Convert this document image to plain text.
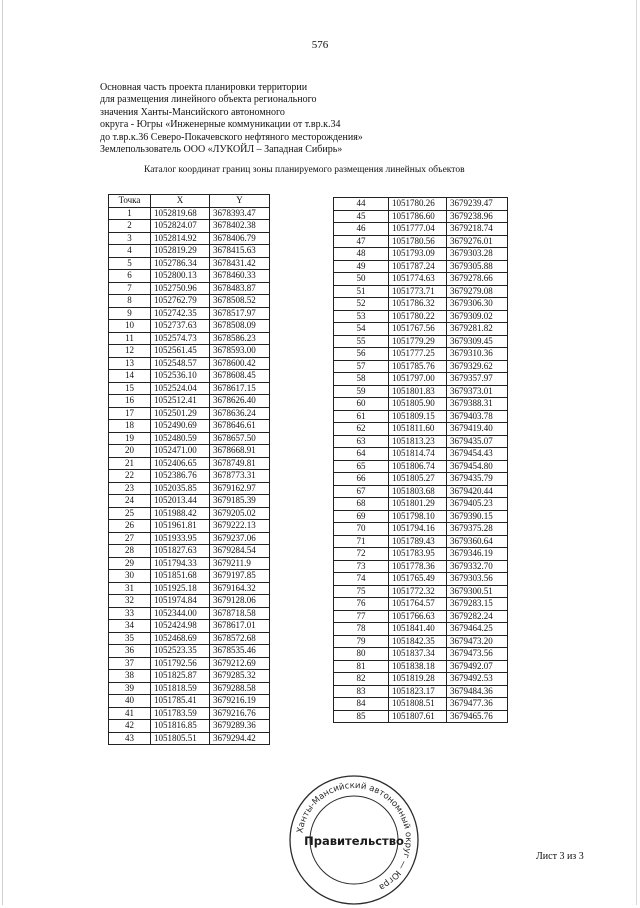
576
Основная часть проекта планировки территории
для размещения линейного объекта регионального
значения Ханты-Мансийского автономного
округа - Югры «Инженерные коммуникации от т.вр.к.34
до т.вр.к.36 Северо-Покачевского нефтяного месторождения»
Землепользователь ООО «ЛУКОЙЛ – Западная Сибирь»
Каталог координат границ зоны планируемого размещения линейных объектов
Точка	X	Y
1	1052819.68	3678393.47
2	1052824.07	3678402.38
3	1052814.92	3678406.79
4	1052819.29	3678415.63
5	1052786.34	3678431.42
6	1052800.13	3678460.33
7	1052750.96	3678483.87
8	1052762.79	3678508.52
9	1052742.35	3678517.97
10	1052737.63	3678508.09
11	1052574.73	3678586.23
12	1052561.45	3678593.00
13	1052548.57	3678600.42
14	1052536.10	3678608.45
15	1052524.04	3678617.15
16	1052512.41	3678626.40
17	1052501.29	3678636.24
18	1052490.69	3678646.61
19	1052480.59	3678657.50
20	1052471.00	3678668.91
21	1052406.65	3678749.81
22	1052386.76	3678773.31
23	1052035.85	3679162.97
24	1052013.44	3679185.39
25	1051988.42	3679205.02
26	1051961.81	3679222.13
27	1051933.95	3679237.06
28	1051827.63	3679284.54
29	1051794.33	3679211.9
30	1051851.68	3679197.85
31	1051925.18	3679164.32
32	1051974.84	3679128.06
33	1052344.00	3678718.58
34	1052424.98	3678617.01
35	1052468.69	3678572.68
36	1052523.35	3678535.46
37	1051792.56	3679212.69
38	1051825.87	3679285.32
39	1051818.59	3679288.58
40	1051785.41	3679216.19
41	1051783.59	3679216.76
42	1051816.85	3679289.36
43	1051805.51	3679294.42
44	1051780.26	3679239.47
45	1051786.60	3679238.96
46	1051777.04	3679218.74
47	1051780.56	3679276.01
48	1051793.09	3679303.28
49	1051787.24	3679305.88
50	1051774.63	3679278.66
51	1051773.71	3679279.08
52	1051786.32	3679306.30
53	1051780.22	3679309.02
54	1051767.56	3679281.82
55	1051779.29	3679309.45
56	1051777.25	3679310.36
57	1051785.76	3679329.62
58	1051797.00	3679357.97
59	1051801.83	3679373.01
60	1051805.90	3679388.31
61	1051809.15	3679403.78
62	1051811.60	3679419.40
63	1051813.23	3679435.07
64	1051814.74	3679454.43
65	1051806.74	3679454.80
66	1051805.27	3679435.79
67	1051803.68	3679420.44
68	1051801.29	3679405.23
69	1051798.10	3679390.15
70	1051794.16	3679375.28
71	1051789.43	3679360.64
72	1051783.95	3679346.19
73	1051778.36	3679332.70
74	1051765.49	3679303.56
75	1051772.32	3679300.51
76	1051764.57	3679283.15
77	1051766.63	3679282.24
78	1051841.40	3679464.25
79	1051842.35	3679473.20
80	1051837.34	3679473.56
81	1051838.18	3679492.07
82	1051819.28	3679492.53
83	1051823.17	3679484.36
84	1051808.51	3679477.36
85	1051807.61	3679465.76
Ханты-Мансийский автономный округ — Югра
Правительство
Лист 3 из 3
